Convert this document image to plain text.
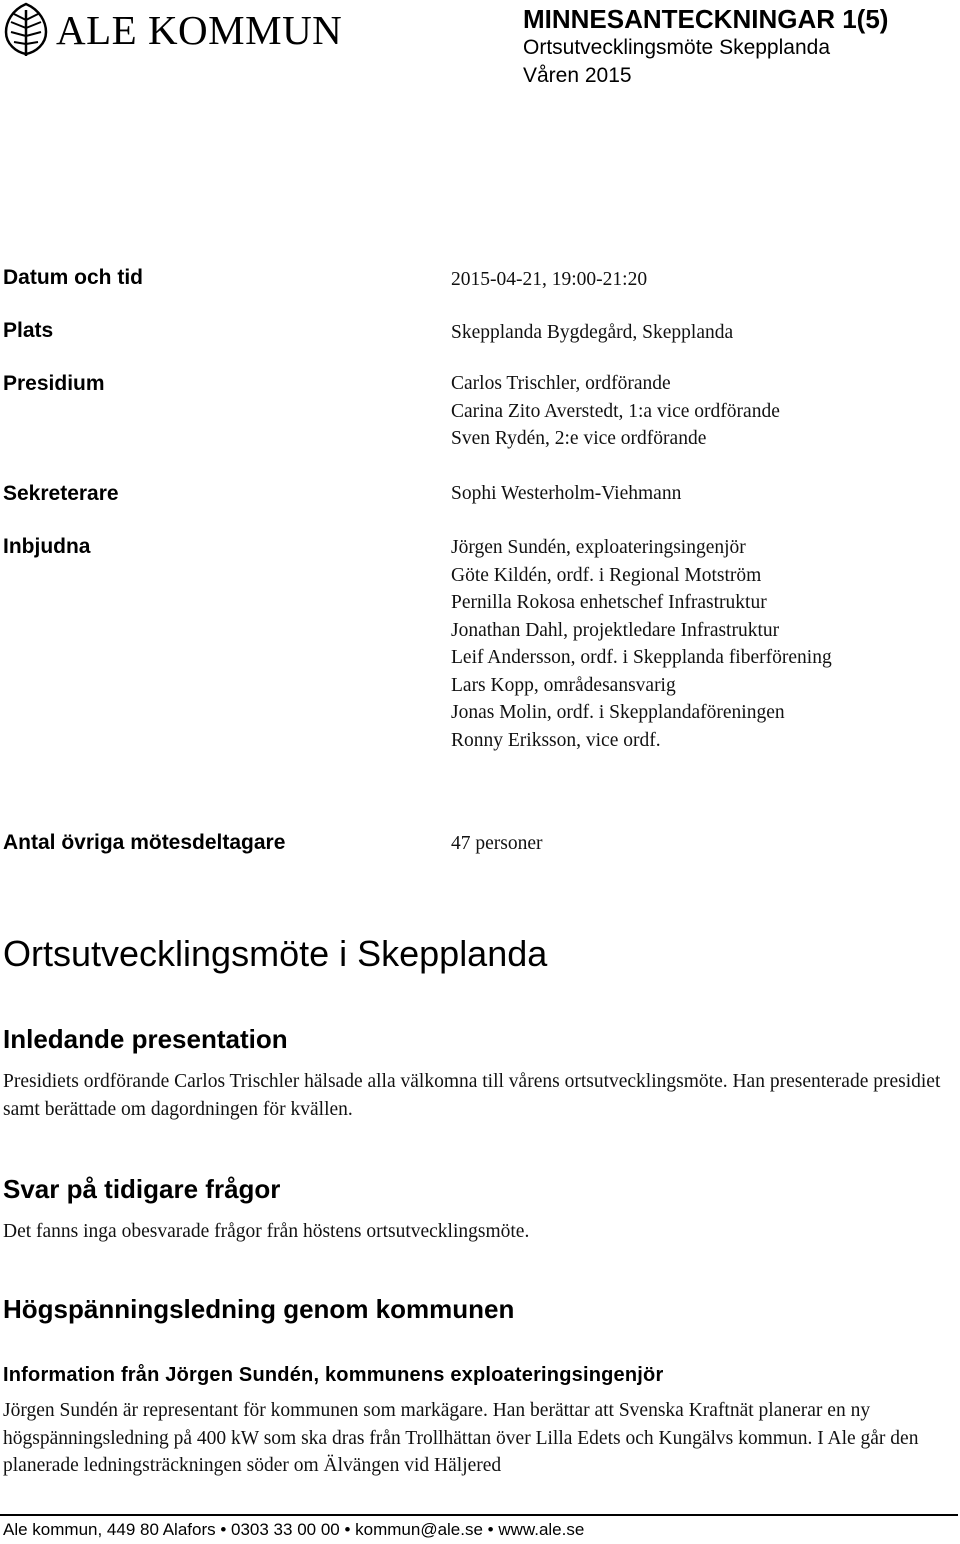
ALE KOMMUN	MINNESANTECKNINGAR 1(5)
Ortsutvecklingsmöte Skepplanda
Våren 2015
Datum och tid	2015-04-21, 19:00-21:20
Plats	Skepplanda Bygdegård, Skepplanda
Presidium	Carlos Trischler, ordförande
Carina Zito Averstedt, 1:a vice ordförande
Sven Rydén, 2:e vice ordförande
Sekreterare	Sophi Westerholm-Viehmann
Inbjudna	Jörgen Sundén, exploateringsingenjör
Göte Kildén, ordf. i Regional Motström
Pernilla Rokosa enhetschef Infrastruktur
Jonathan Dahl, projektledare Infrastruktur
Leif Andersson, ordf. i Skepplanda fiberförening
Lars Kopp, områdesansvarig
Jonas Molin, ordf. i Skepplandaföreningen
Ronny Eriksson, vice ordf.
Antal övriga mötesdeltagare	47 personer
Ortsutvecklingsmöte i Skepplanda
Inledande presentation
Presidiets ordförande Carlos Trischler hälsade alla välkomna till vårens ortsutvecklingsmöte. Han presenterade presidiet samt berättade om dagordningen för kvällen.
Svar på tidigare frågor
Det fanns inga obesvarade frågor från höstens ortsutvecklingsmöte.
Högspänningsledning genom kommunen
Information från Jörgen Sundén, kommunens exploateringsingenjör
Jörgen Sundén är representant för kommunen som markägare. Han berättar att Svenska Kraftnät planerar en ny högspänningsledning på 400 kW som ska dras från Trollhättan över Lilla Edets och Kungälvs kommun. I Ale går den planerade ledningsträckningen söder om Älvängen vid Häljered
Ale kommun, 449 80 Alafors • 0303 33 00 00 • kommun@ale.se • www.ale.se
